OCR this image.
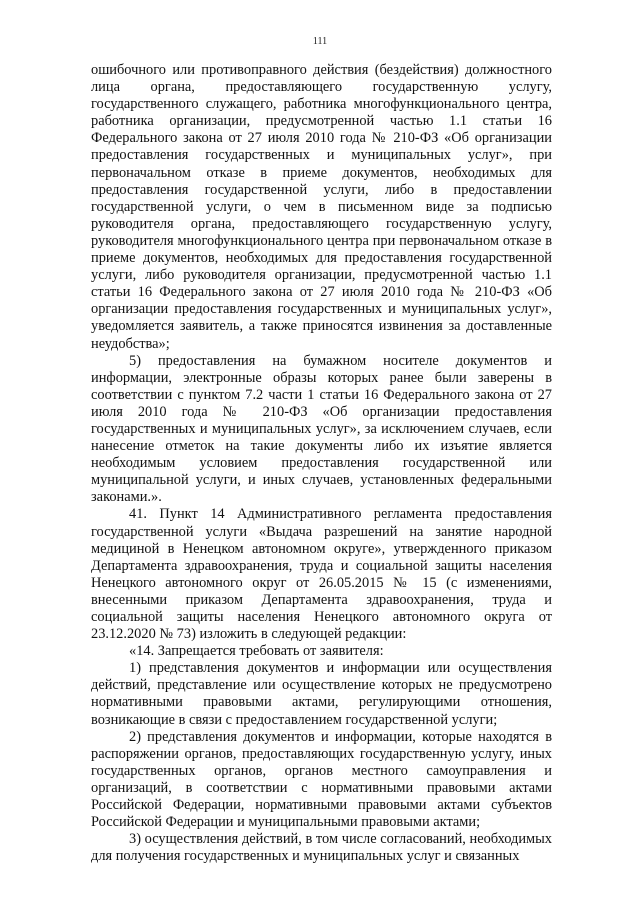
111

ошибочного или противоправного действия (бездействия) должностного лица органа, предоставляющего государственную услугу, государственного служащего, работника многофункционального центра, работника организации, предусмотренной частью 1.1 статьи 16 Федерального закона от 27 июля 2010 года № 210-ФЗ «Об организации предоставления государственных и муниципальных услуг», при первоначальном отказе в приеме документов, необходимых для предоставления государственной услуги, либо в предоставлении государственной услуги, о чем в письменном виде за подписью руководителя органа, предоставляющего государственную услугу, руководителя многофункционального центра при первоначальном отказе в приеме документов, необходимых для предоставления государственной услуги, либо руководителя организации, предусмотренной частью 1.1 статьи 16 Федерального закона от 27 июля 2010 года № 210-ФЗ «Об организации предоставления государственных и муниципальных услуг», уведомляется заявитель, а также приносятся извинения за доставленные неудобства»;

5) предоставления на бумажном носителе документов и информации, электронные образы которых ранее были заверены в соответствии с пунктом 7.2 части 1 статьи 16 Федерального закона от 27 июля 2010 года № 210-ФЗ «Об организации предоставления государственных и муниципальных услуг», за исключением случаев, если нанесение отметок на такие документы либо их изъятие является необходимым условием предоставления государственной или муниципальной услуги, и иных случаев, установленных федеральными законами.».

41. Пункт 14 Административного регламента предоставления государственной услуги «Выдача разрешений на занятие народной медициной в Ненецком автономном округе», утвержденного приказом Департамента здравоохранения, труда и социальной защиты населения Ненецкого автономного округ от 26.05.2015 № 15 (с изменениями, внесенными приказом Департамента здравоохранения, труда и социальной защиты населения Ненецкого автономного округа от 23.12.2020 № 73) изложить в следующей редакции:

«14. Запрещается требовать от заявителя:

1) представления документов и информации или осуществления действий, представление или осуществление которых не предусмотрено нормативными правовыми актами, регулирующими отношения, возникающие в связи с предоставлением государственной услуги;

2) представления документов и информации, которые находятся в распоряжении органов, предоставляющих государственную услугу, иных государственных органов, органов местного самоуправления и организаций, в соответствии с нормативными правовыми актами Российской Федерации, нормативными правовыми актами субъектов Российской Федерации и муниципальными правовыми актами;

3) осуществления действий, в том числе согласований, необходимых для получения государственных и муниципальных услуг и связанных
